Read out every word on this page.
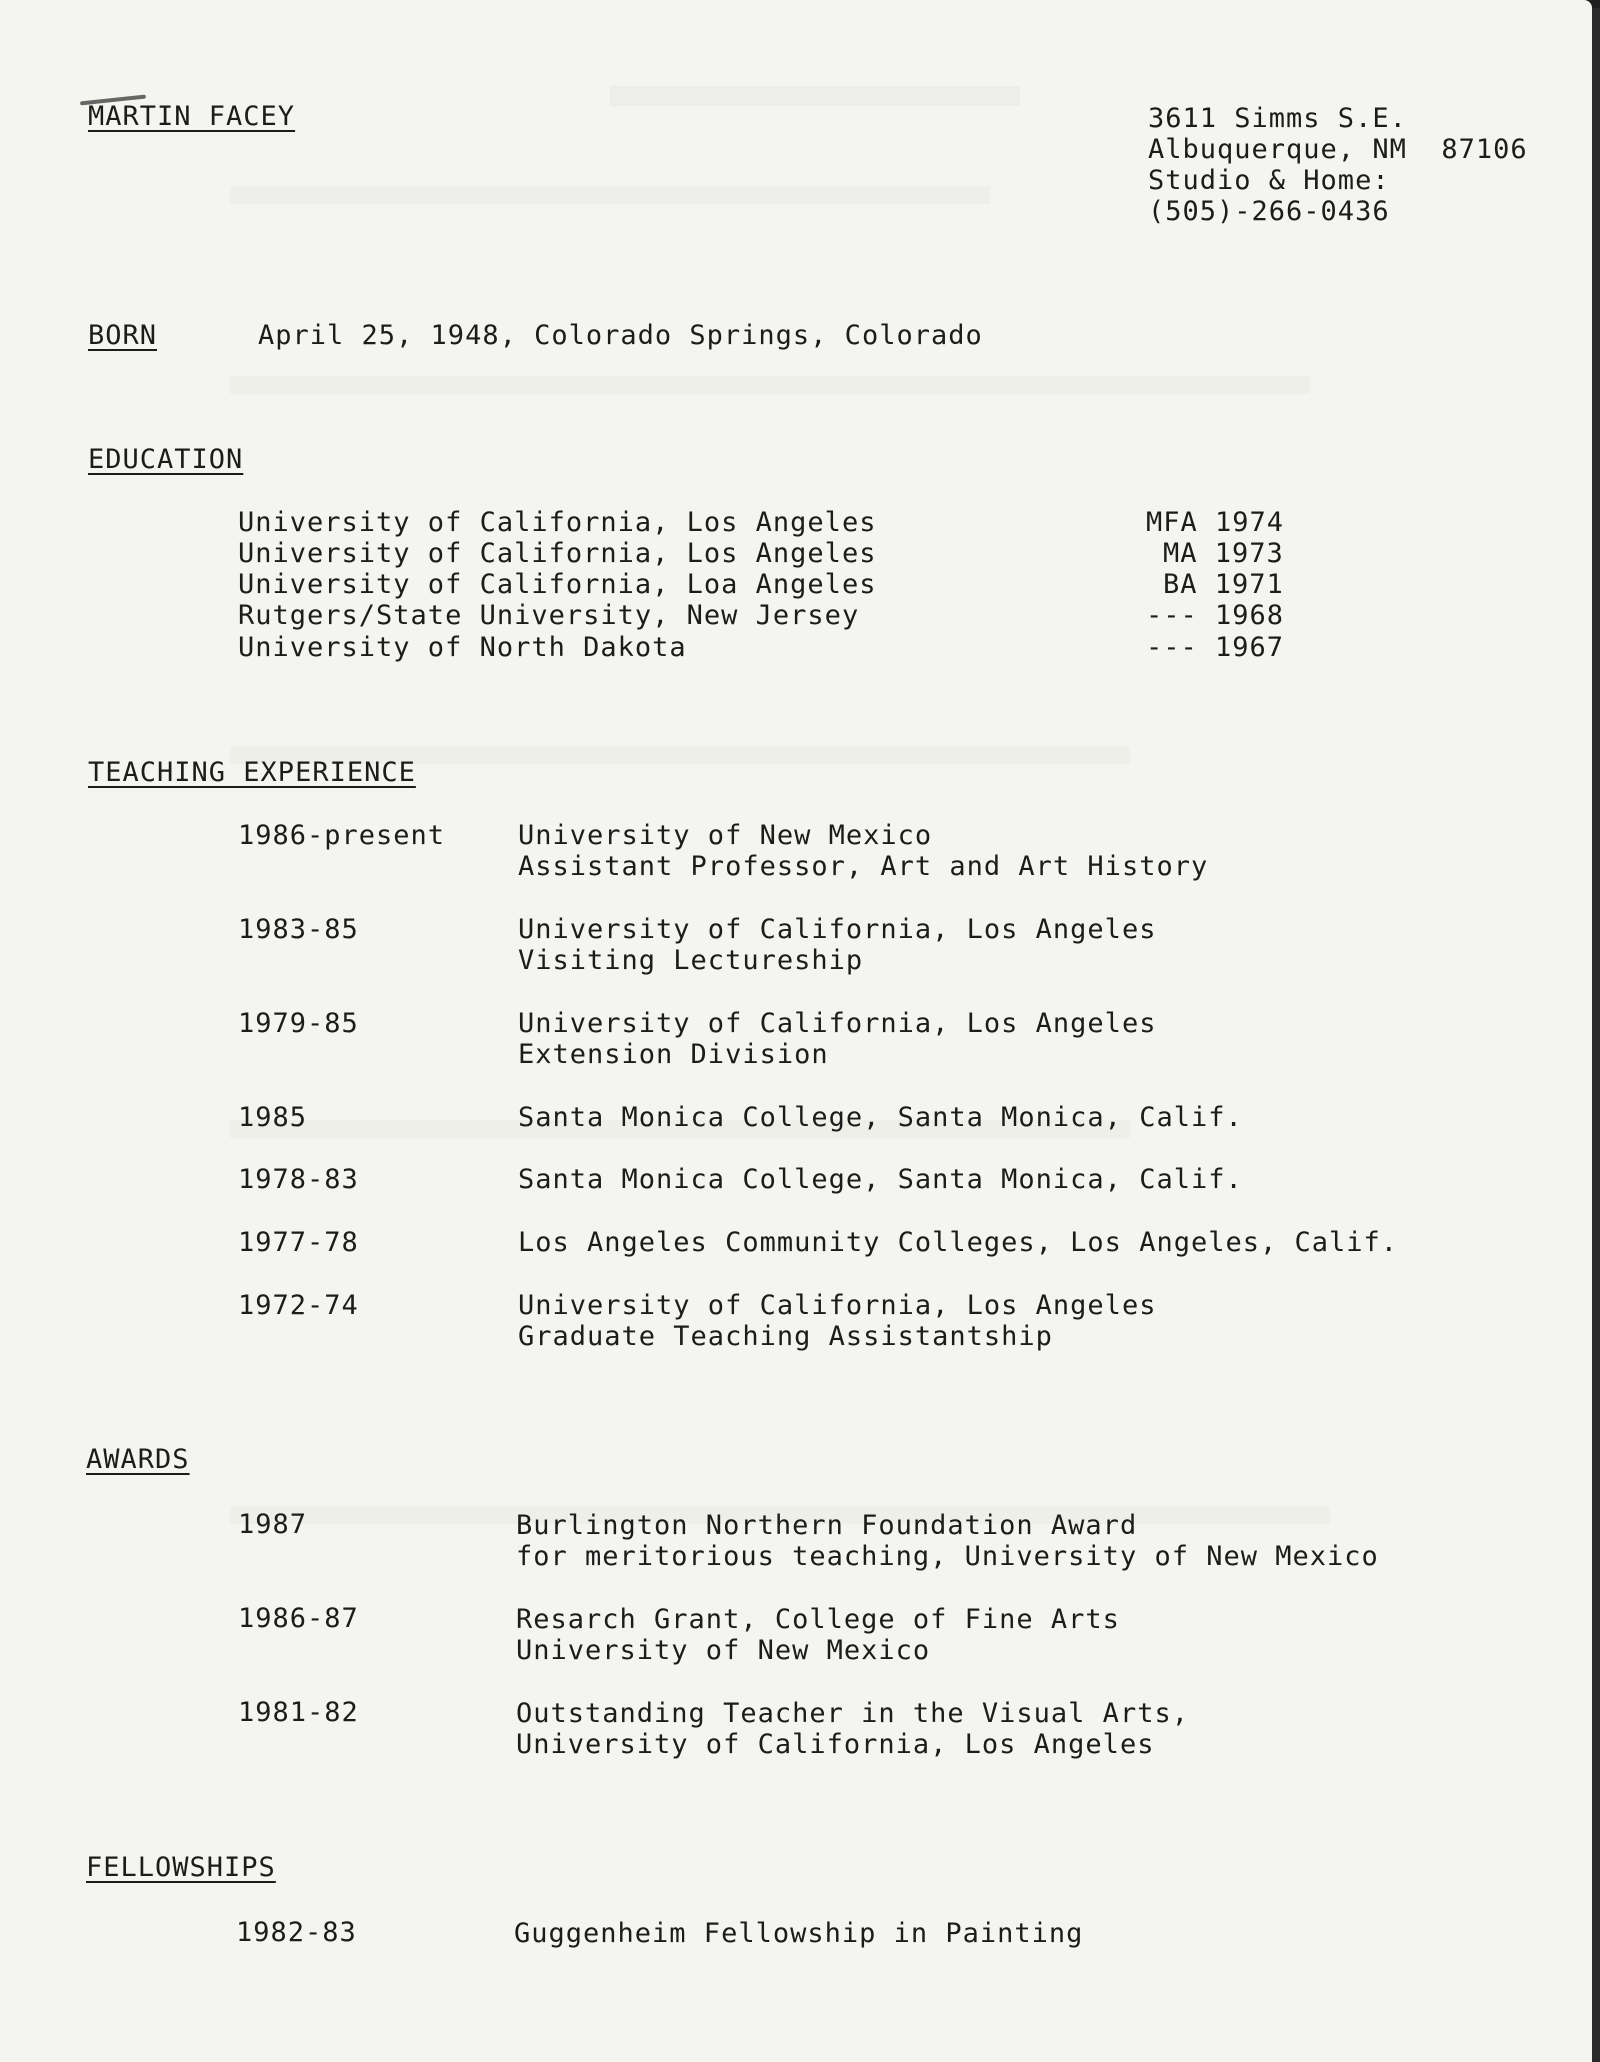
MARTIN FACEY	3611 Simms S.E.
Albuquerque, NM  87106
Studio & Home:
(505)-266-0436
BORN	April 25, 1948, Colorado Springs, Colorado
EDUCATION
University of California, Los Angeles	MFA 1974
University of California, Los Angeles	MA 1973
University of California, Loa Angeles	BA 1971
Rutgers/State University, New Jersey	--- 1968
University of North Dakota	--- 1967
TEACHING EXPERIENCE
1986-present	University of New Mexico
Assistant Professor, Art and Art History
1983-85	University of California, Los Angeles
Visiting Lectureship
1979-85	University of California, Los Angeles
Extension Division
1985	Santa Monica College, Santa Monica, Calif.
1978-83	Santa Monica College, Santa Monica, Calif.
1977-78	Los Angeles Community Colleges, Los Angeles, Calif.
1972-74	University of California, Los Angeles
Graduate Teaching Assistantship
AWARDS
1987	Burlington Northern Foundation Award
for meritorious teaching, University of New Mexico
1986-87	Resarch Grant, College of Fine Arts
University of New Mexico
1981-82	Outstanding Teacher in the Visual Arts,
University of California, Los Angeles
FELLOWSHIPS
1982-83	Guggenheim Fellowship in Painting
